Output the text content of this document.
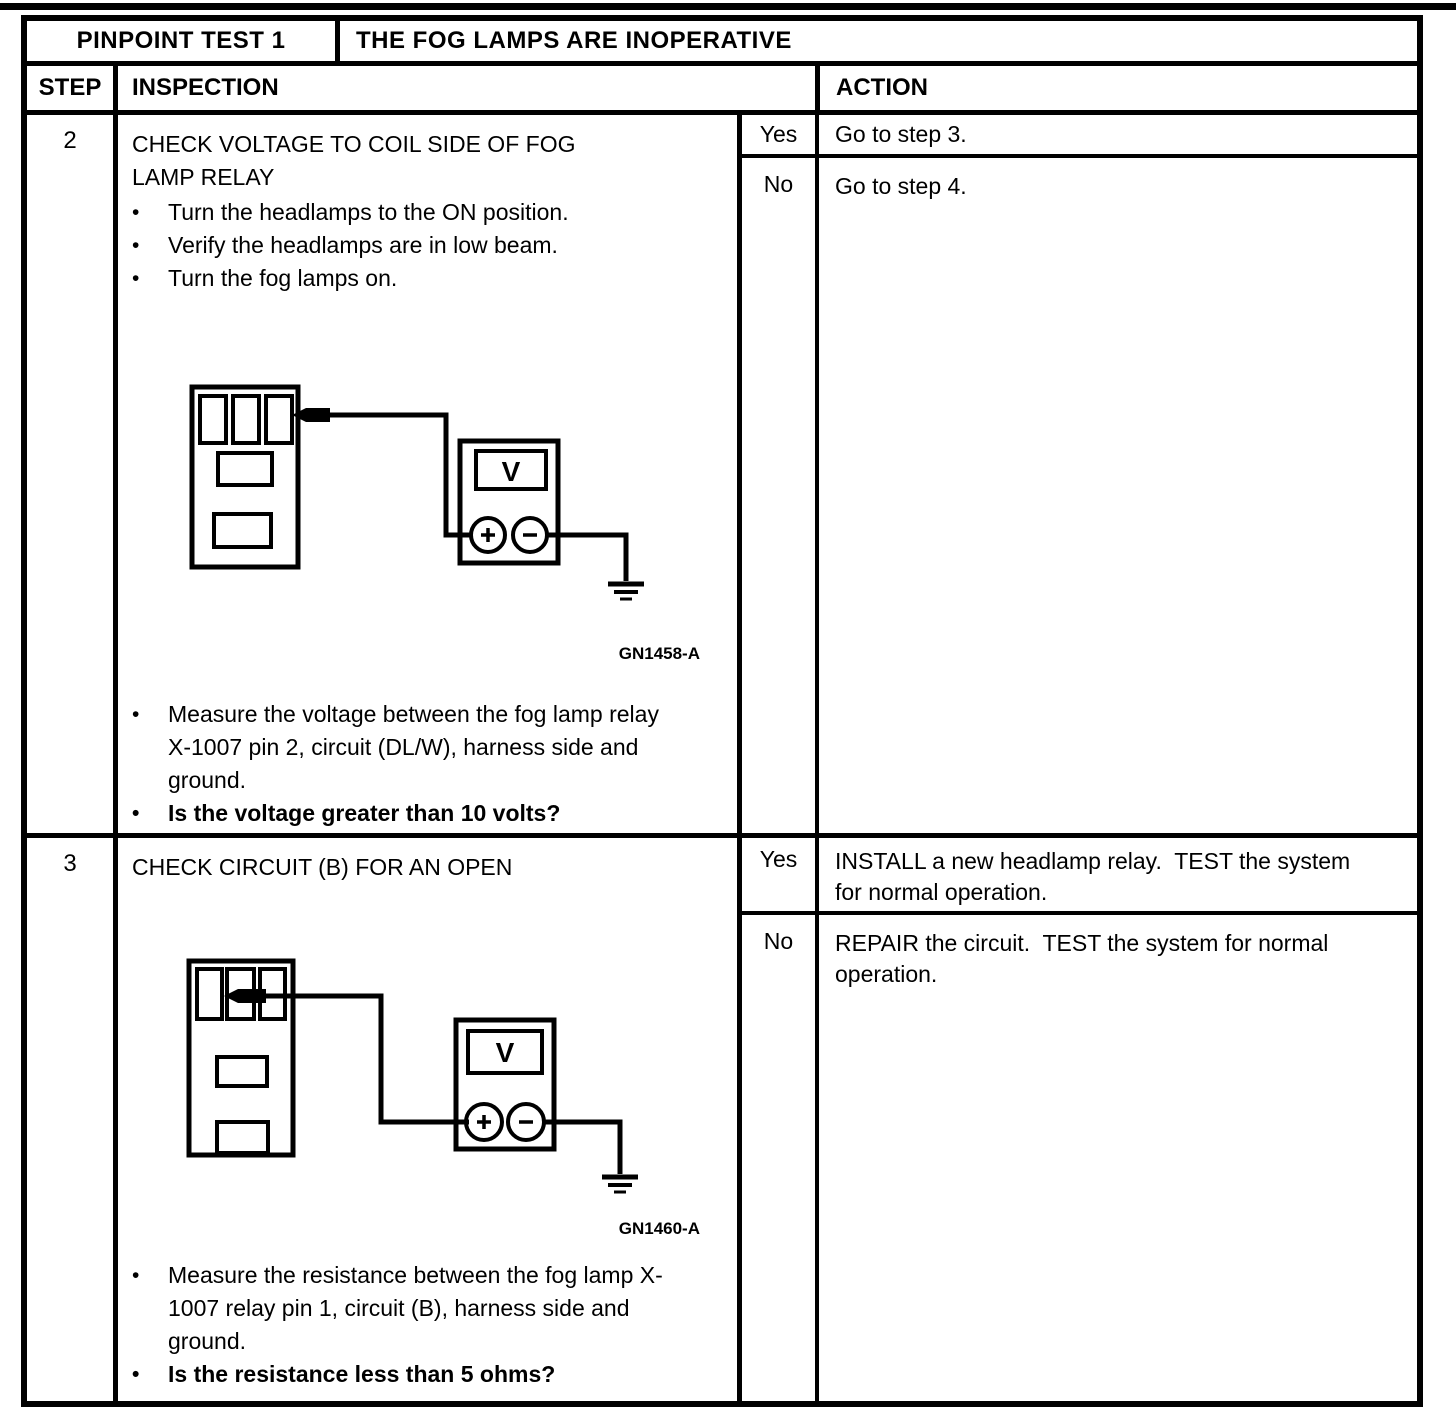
PINPOINT TEST 1	THE FOG LAMPS ARE INOPERATIVE
STEP	INSPECTION	ACTION
2	CHECK VOLTAGE TO COIL SIDE OF FOG LAMP RELAY
•	Turn the headlamps to the ON position.
•	Verify the headlamps are in low beam.
•	Turn the fog lamps on.
V
GN1458-A
•	Measure the voltage between the fog lamp relay X-1007 pin 2, circuit (DL/W), harness side and ground.
•	Is the voltage greater than 10 volts?
Yes	Go to step 3.
No	Go to step 4.
3	CHECK CIRCUIT (B) FOR AN OPEN
V
GN1460-A
•	Measure the resistance between the fog lamp X-1007 relay pin 1, circuit (B), harness side and ground.
•	Is the resistance less than 5 ohms?
Yes	INSTALL a new headlamp relay.  TEST the system for normal operation.
No	REPAIR the circuit.  TEST the system for normal operation.
